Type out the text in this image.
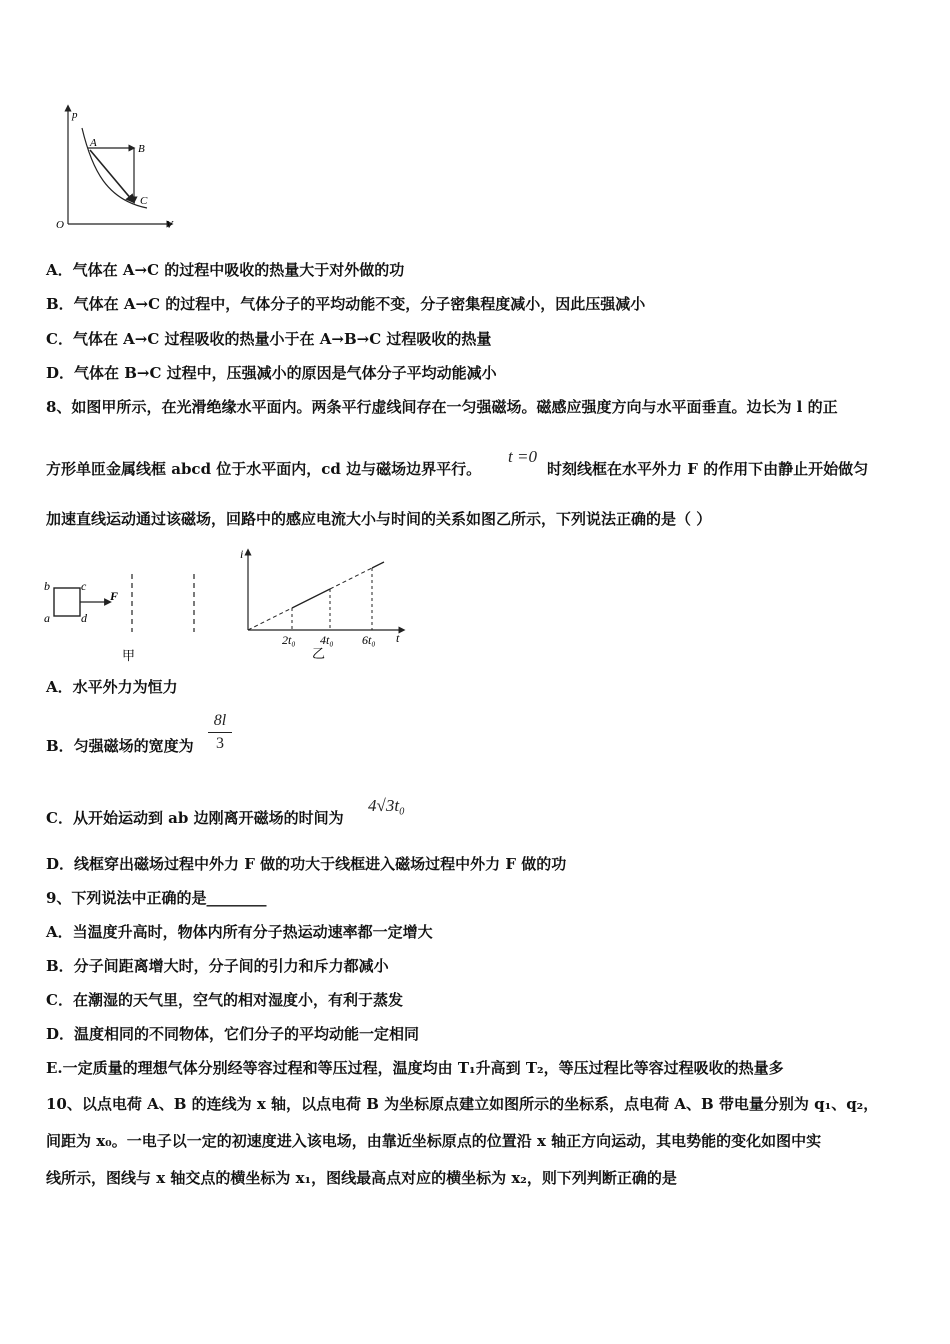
p
V
O
A	B
C
A．气体在 A→C 的过程中吸收的热量大于对外做的功
B．气体在 A→C 的过程中，气体分子的平均动能不变，分子密集程度减小，因此压强减小
C．气体在 A→C 过程吸收的热量小于在 A→B→C 过程吸收的热量
D．气体在 B→C 过程中，压强减小的原因是气体分子平均动能减小
8、如图甲所示，在光滑绝缘水平面内。两条平行虚线间存在一匀强磁场。磁感应强度方向与水平面垂直。边长为 l 的正
方形单匝金属线框 abcd 位于水平面内，cd 边与磁场边界平行。
t =0
时刻线框在水平外力 F 的作用下由静止开始做匀
加速直线运动通过该磁场，回路中的感应电流大小与时间的关系如图乙所示，下列说法正确的是（ ）
b	c
a	d
F
甲
i
t
2t₀ 4t₀ 6t₀
乙
A．水平外力为恒力
B．匀强磁场的宽度为
8l
3
C．从开始运动到 ab 边刚离开磁场的时间为
4√3t₀
D．线框穿出磁场过程中外力 F 做的功大于线框进入磁场过程中外力 F 做的功
9、下列说法中正确的是________
A．当温度升高时，物体内所有分子热运动速率都一定增大
B．分子间距离增大时，分子间的引力和斥力都减小
C．在潮湿的天气里，空气的相对湿度小，有利于蒸发
D．温度相同的不同物体，它们分子的平均动能一定相同
E.一定质量的理想气体分别经等容过程和等压过程，温度均由 T₁升高到 T₂，等压过程比等容过程吸收的热量多
10、以点电荷 A、B 的连线为 x 轴，以点电荷 B 为坐标原点建立如图所示的坐标系，点电荷 A、B 带电量分别为 q₁、q₂，
间距为 x₀。一电子以一定的初速度进入该电场，由靠近坐标原点的位置沿 x 轴正方向运动，其电势能的变化如图中实
线所示，图线与 x 轴交点的横坐标为 x₁，图线最高点对应的横坐标为 x₂，则下列判断正确的是
